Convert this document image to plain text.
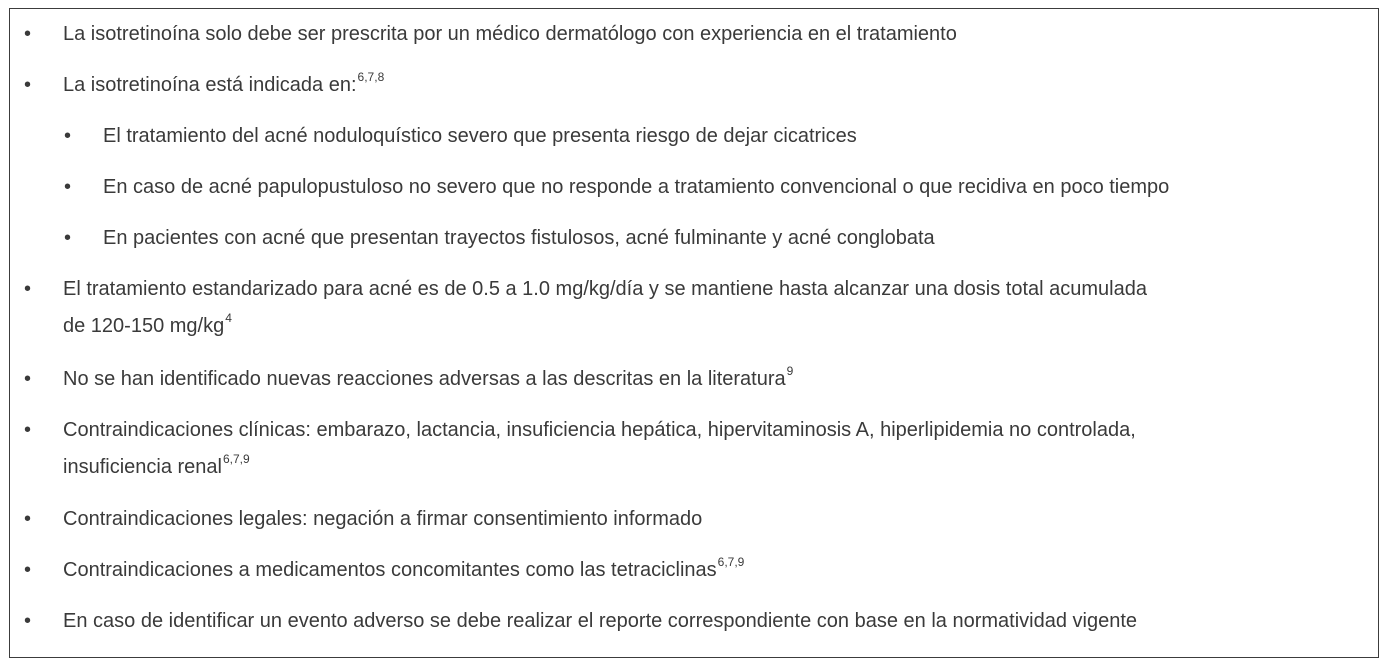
• La isotretinoína solo debe ser prescrita por un médico dermatólogo con experiencia en el tratamiento
• La isotretinoína está indicada en:$^{6,7,8}$
• El tratamiento del acné noduloquístico severo que presenta riesgo de dejar cicatrices
• En caso de acné papulopustuloso no severo que no responde a tratamiento convencional o que recidiva en poco tiempo
• En pacientes con acné que presentan trayectos fistulosos, acné fulminante y acné conglobata
• El tratamiento estandarizado para acné es de 0.5 a 1.0 mg/kg/día y se mantiene hasta alcanzar una dosis total acumulada
de 120-150 $mg/kg^4$
• No se han identificado nuevas reacciones adversas a las descritas en la literatura$^9$
• Contraindicaciones clínicas: embarazo, lactancia, insuficiencia hepática, hipervitaminosis A, hiperlipidemia no controlada,
insuficiencia renal$^{6,7,9}$
• Contraindicaciones legales: negación a firmar consentimiento informado
• Contraindicaciones a medicamentos concomitantes como las tetraciclinas$^{6,7,9}$
• En caso de identificar un evento adverso se debe realizar el reporte correspondiente con base en la normatividad vigente
